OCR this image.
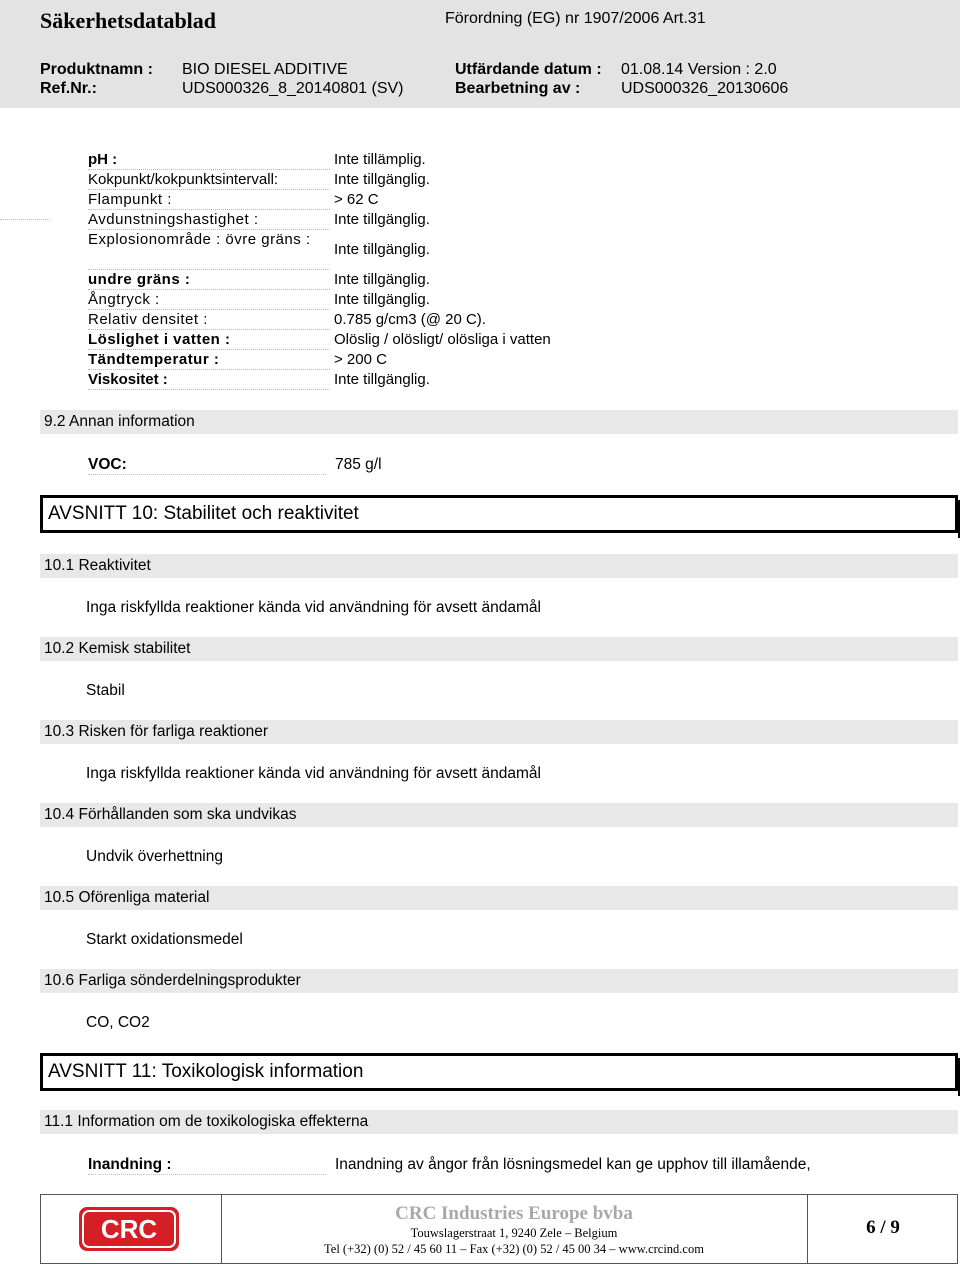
Säkerhetsdatablad	Förordning (EG) nr 1907/2006 Art.31
Produktnamn : BIO DIESEL ADDITIVE
Ref.Nr.:	UDS000326_8_20140801 (SV)
Utfärdande datum : 01.08.14 Version : 2.0
Bearbetning av :	UDS000326_20130606
pH :	Inte tillämplig.
Kokpunkt/kokpunktsintervall:	Inte tillgänglig.
Flampunkt :	> 62 C
Avdunstningshastighet :	Inte tillgänglig.
Explosionområde : övre gräns :
Inte tillgänglig.
undre gräns :	Inte tillgänglig.
Ångtryck :	Inte tillgänglig.
Relativ densitet :	0.785 g/cm3 (@ 20 C).
Löslighet i vatten :	Olöslig / olösligt/ olösliga i vatten
Tändtemperatur :	> 200 C
Viskositet :	Inte tillgänglig.
9.2 Annan information
VOC:	785 g/l
AVSNITT 10: Stabilitet och reaktivitet
10.1 Reaktivitet
Inga riskfyllda reaktioner kända vid användning för avsett ändamål
10.2 Kemisk stabilitet
Stabil
10.3 Risken för farliga reaktioner
Inga riskfyllda reaktioner kända vid användning för avsett ändamål
10.4 Förhållanden som ska undvikas
Undvik överhettning
10.5 Oförenliga material
Starkt oxidationsmedel
10.6 Farliga sönderdelningsprodukter
CO, CO2
AVSNITT 11: Toxikologisk information
11.1 Information om de toxikologiska effekterna
Inandning :	Inandning av ångor från lösningsmedel kan ge upphov till illamående,
CRC
CRC Industries Europe bvba
Touwslagerstraat 1, 9240 Zele – Belgium
Tel (+32) (0) 52 / 45 60 11 – Fax (+32) (0) 52 / 45 00 34 – www.crcind.com
6 / 9
